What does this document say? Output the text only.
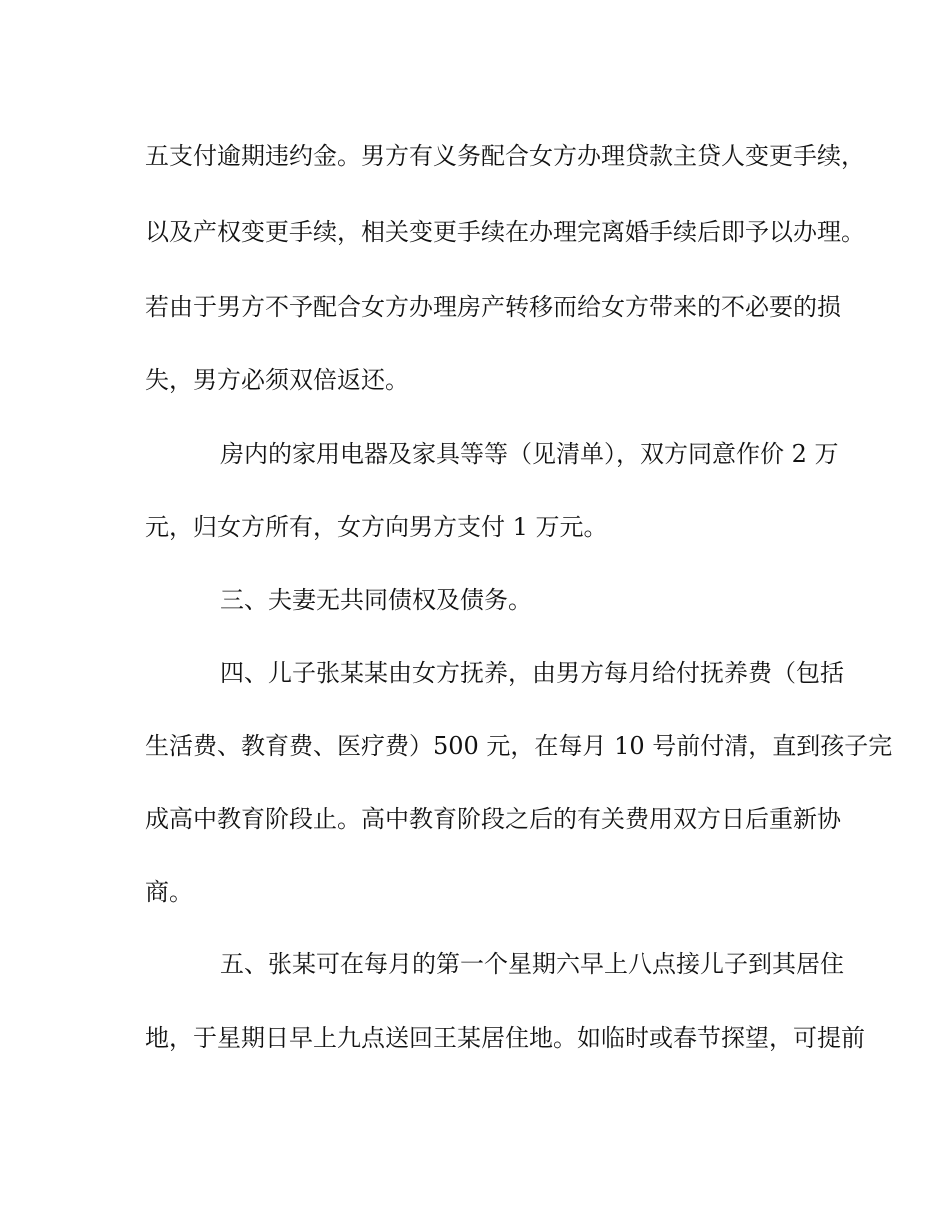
五支付逾期违约金。男方有义务配合女方办理贷款主贷人变更手续，

以及产权变更手续，相关变更手续在办理完离婚手续后即予以办理。

若由于男方不予配合女方办理房产转移而给女方带来的不必要的损

失，男方必须双倍返还。

房内的家用电器及家具等等（见清单），双方同意作价 2 万

元，归女方所有，女方向男方支付 1 万元。

三、夫妻无共同债权及债务。

四、儿子张某某由女方抚养，由男方每月给付抚养费（包括

生活费、教育费、医疗费）500 元，在每月 10 号前付清，直到孩子完

成高中教育阶段止。高中教育阶段之后的有关费用双方日后重新协

商。

五、张某可在每月的第一个星期六早上八点接儿子到其居住

地，于星期日早上九点送回王某居住地。如临时或春节探望，可提前
